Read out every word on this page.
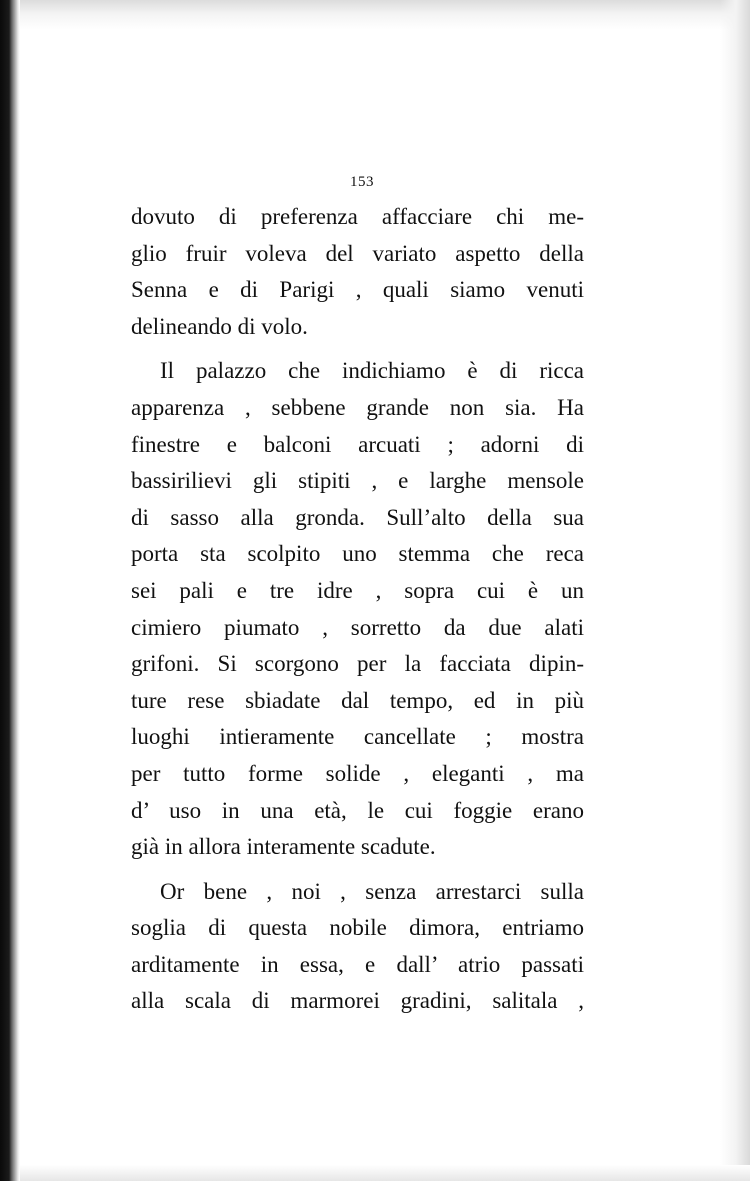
153

dovuto di preferenza affacciare chi me-
glio fruir voleva del variato aspetto della
Senna e di Parigi , quali siamo venuti
delineando di volo.

Il palazzo che indichiamo è di ricca
apparenza , sebbene grande non sia. Ha
finestre e balconi arcuati ; adorni di
bassirilievi gli stipiti , e larghe mensole
di sasso alla gronda. Sull’alto della sua
porta sta scolpito uno stemma che reca
sei pali e tre idre , sopra cui è un
cimiero piumato , sorretto da due alati
grifoni. Si scorgono per la facciata dipin-
ture rese sbiadate dal tempo, ed in più
luoghi intieramente cancellate ; mostra
per tutto forme solide , eleganti , ma
d’ uso in una età, le cui foggie erano
già in allora interamente scadute.

Or bene , noi , senza arrestarci sulla
soglia di questa nobile dimora, entriamo
arditamente in essa, e dall’ atrio passati
alla scala di marmorei gradini, salitala ,
